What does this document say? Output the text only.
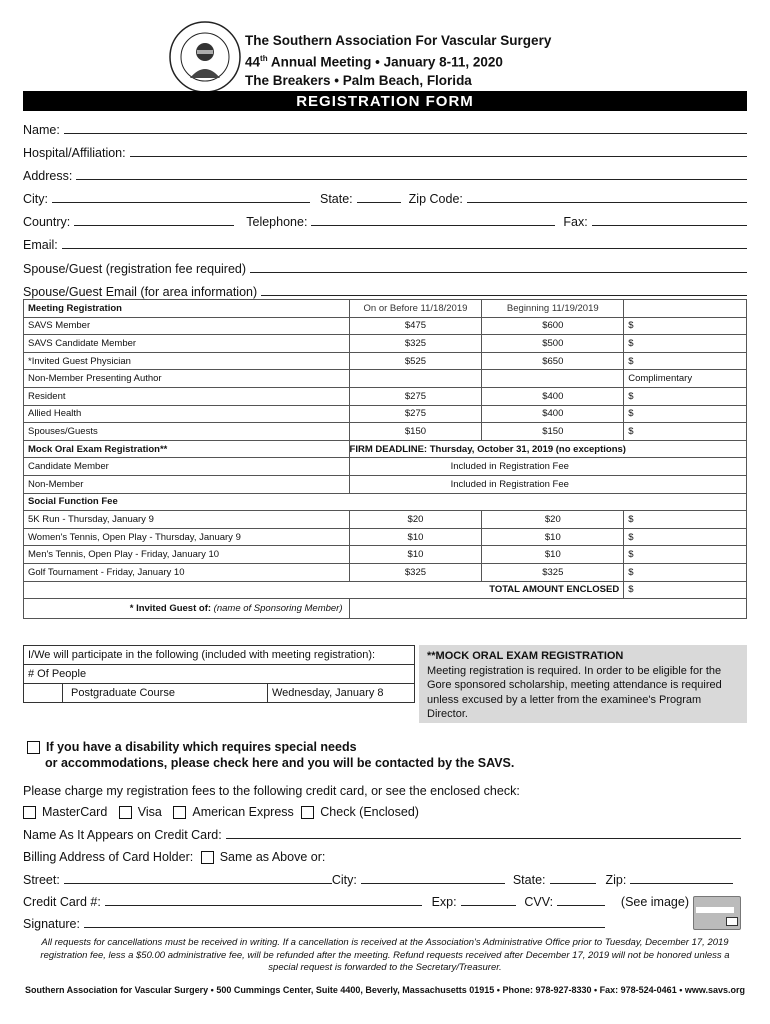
The Southern Association For Vascular Surgery
44th Annual Meeting • January 8-11, 2020
The Breakers • Palm Beach, Florida
REGISTRATION FORM
Name:
Hospital/Affiliation:
Address:
City:	State:	Zip Code:
Country:	Telephone:	Fax:
Email:
Spouse/Guest (registration fee required)
Spouse/Guest Email (for area information)
Meeting Registration	On or Before 11/18/2019	Beginning 11/19/2019	
SAVS Member	$475	$600	$
SAVS Candidate Member	$325	$500	$
*Invited Guest Physician	$525	$650	$
Non-Member Presenting Author			Complimentary
Resident	$275	$400	$
Allied Health	$275	$400	$
Spouses/Guests	$150	$150	$
Mock Oral Exam Registration**	FIRM DEADLINE: Thursday, October 31, 2019 (no exceptions)		
Candidate Member	Included in Registration Fee		
Non-Member	Included in Registration Fee		
Social Function Fee			
5K Run - Thursday, January 9	$20	$20	$
Women's Tennis, Open Play - Thursday, January 9	$10	$10	$
Men's Tennis, Open Play - Friday, January 10	$10	$10	$
Golf Tournament - Friday, January 10	$325	$325	$
TOTAL AMOUNT ENCLOSED			$
* Invited Guest of: (name of Sponsoring Member)			
I/We will participate in the following (included with meeting registration):
# Of People
Postgraduate Course	Wednesday, January 8
**MOCK ORAL EXAM REGISTRATION
Meeting registration is required. In order to be eligible for the Gore sponsored scholarship, meeting attendance is required unless excused by a letter from the examinee's Program Director.
If you have a disability which requires special needs
or accommodations, please check here and you will be contacted by the SAVS.
Please charge my registration fees to the following credit card, or see the enclosed check:
MasterCard Visa American Express Check (Enclosed)
Name As It Appears on Credit Card:
Billing Address of Card Holder: Same as Above or:
Street:	City:	State:	Zip:
Credit Card #:	Exp:	CVV:	(See image)
Signature:
All requests for cancellations must be received in writing. If a cancellation is received at the Association's Administrative Office prior to Tuesday, December 17, 2019 registration fee, less a $50.00 administrative fee, will be refunded after the meeting. Refund requests received after December 17, 2019 will not be honored unless a special request is forwarded to the Secretary/Treasurer.
Southern Association for Vascular Surgery • 500 Cummings Center, Suite 4400, Beverly, Massachusetts 01915 • Phone: 978-927-8330 • Fax: 978-524-0461 • www.savs.org
